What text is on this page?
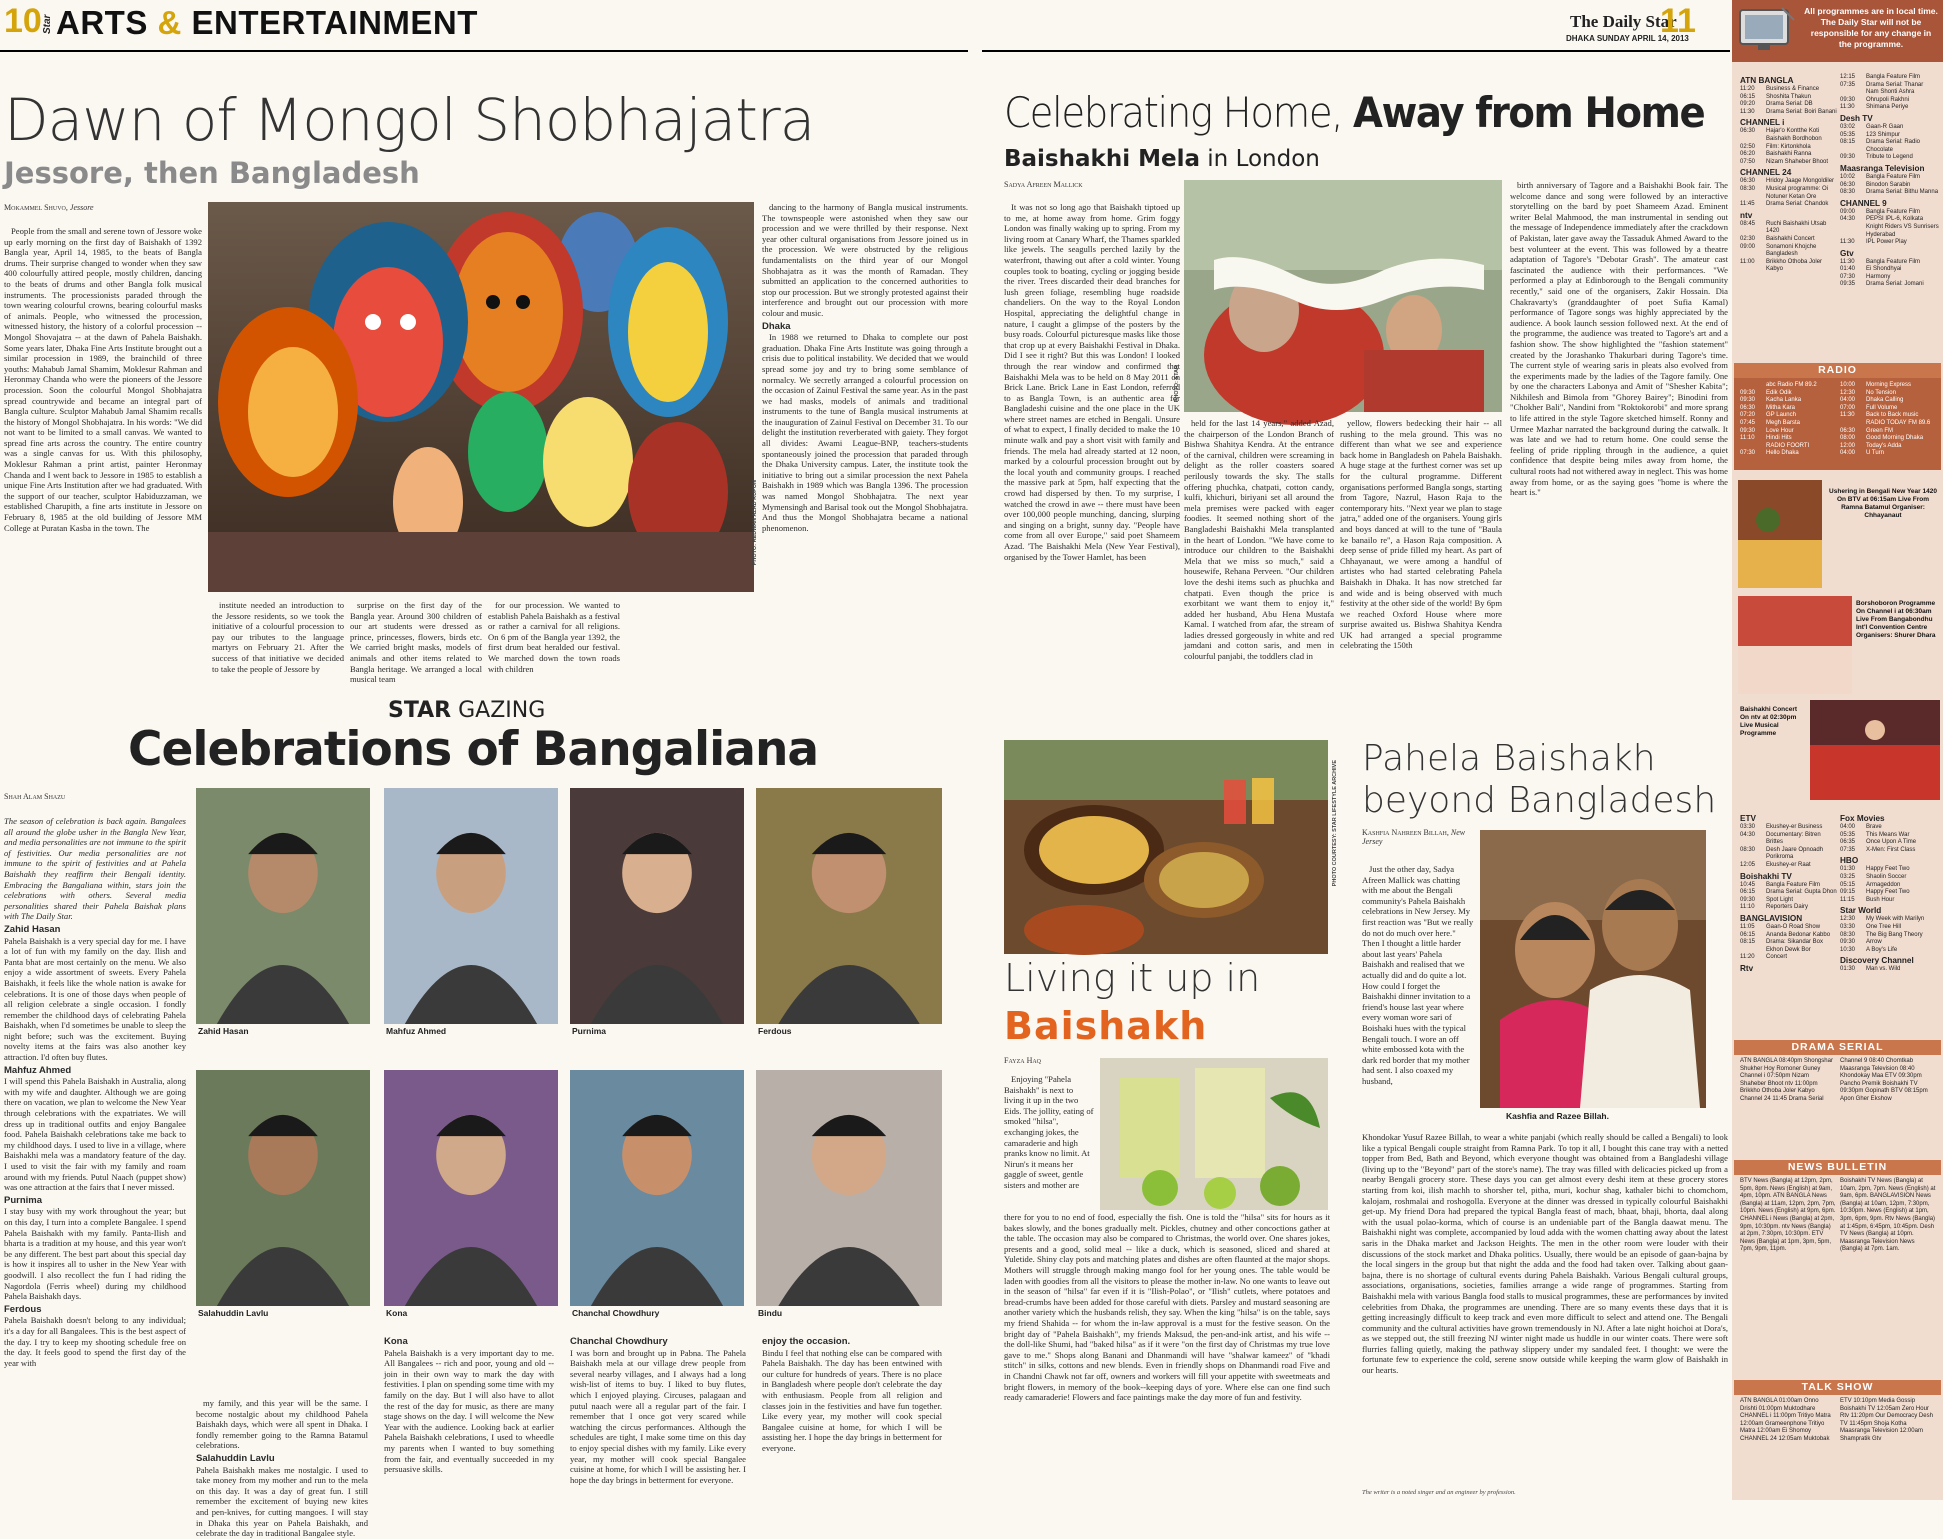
10 Star ARTS & ENTERTAINMENT	The Daily Star
DHAKA SUNDAY APRIL 14, 2013
11
Dawn of Mongol Shobhajatra
Jessore, then Bangladesh
Mokammel Shuvo, Jessore

People from the small and serene town of Jessore woke up early morning on the first day of Baishakh of 1392 Bangla year, April 14, 1985, to the beats of Bangla drums. Their surprise changed to wonder when they saw 400 colourfully attired people, mostly children, dancing to the beats of drums and other Bangla folk musical instruments. The processionists paraded through the town wearing colourful crowns, bearing colourful masks of animals. People, who witnessed the procession, witnessed history, the history of a colorful procession -- Mongol Shovajatra -- at the dawn of Pahela Baishakh. Some years later, Dhaka Fine Arts Institute brought out a similar procession in 1989, the brainchild of three youths: Mahabub Jamal Shamim, Moklesur Rahman and Heronmay Chanda who were the pioneers of the Jessore procession. Soon the colourful Mongol Shobhajatra spread countrywide and became an integral part of Bangla culture. Sculptor Mahabub Jamal Shamim recalls the history of Mongol Shobhajatra. In his words: "We did not want to be limited to a small canvas. We wanted to spread fine arts across the country. The entire country was a single canvas for us. With this philosophy, Moklesur Rahman a print artist, painter Heronmay Chanda and I went back to Jessore in 1985 to establish a unique Fine Arts Institution after we had graduated. With the support of our teacher, sculptor Habiduzzaman, we established Charupith, a fine arts institute in Jessore on February 8, 1985 at the old building of Jessore MM College at Puratan Kasba in the town. The	PHOTO: REDWAN AZAD RUPON

institute needed an introduction to the Jessore residents, so we took the initiative of a colourful procession to pay our tributes to the language martyrs on February 21. After the success of that initiative we decided to take the people of Jessore by

surprise on the first day of the Bangla year. Around 300 children of our art students were dressed as prince, princesses, flowers, birds etc. We carried bright masks, models of animals and other items related to Bangla heritage. We arranged a local musical team

for our procession. We wanted to establish Pahela Baishakh as a festival or rather a carnival for all religions. On 6 pm of the Bangla year 1392, the first drum beat heralded our festival. We marched down the town roads with children

dancing to the harmony of Bangla musical instruments. The townspeople were astonished when they saw our procession and we were thrilled by their response. Next year other cultural organisations from Jessore joined us in the procession. We were obstructed by the religious fundamentalists on the third year of our Mongol Shobhajatra as it was the month of Ramadan. They submitted an application to the concerned authorities to stop our procession. But we strongly protested against their interference and brought out our procession with more colour and music.

Dhaka

In 1988 we returned to Dhaka to complete our post graduation. Dhaka Fine Arts Institute was going through a crisis due to political instability. We decided that we would spread some joy and try to bring some semblance of normalcy. We secretly arranged a colourful procession on the occasion of Zainul Festival the same year. As in the past we had masks, models of animals and traditional instruments to the tune of Bangla musical instruments at the inauguration of Zainul Festival on December 31. To our delight the institution reverberated with gaiety. They forgot all divides: Awami League-BNP, teachers-students spontaneously joined the procession that paraded through the Dhaka University campus. Later, the institute took the initiative to bring out a similar procession the next Pahela Baishakh in 1989 which was Bangla 1396. The procession was named Mongol Shobhajatra. The next year Mymensingh and Barisal took out the Mongol Shobhajatra. And thus the Mongol Shobhajatra became a national phenomenon.

Celebrating Home, Away from Home
Baishakhi Mela in London
Sadya Afreen Mallick

It was not so long ago that Baishakh tiptoed up to me, at home away from home. Grim foggy London was finally waking up to spring. From my living room at Canary Wharf, the Thames sparkled like jewels. The seagulls perched lazily by the waterfront, thawing out after a cold winter. Young couples took to boating, cycling or jogging beside the river. Trees discarded their dead branches for lush green foliage, resembling huge roadside chandeliers. On the way to the Royal London Hospital, appreciating the delightful change in nature, I caught a glimpse of the posters by the busy roads. Colourful picturesque masks like those that crop up at every Baishakhi Festival in Dhaka. Did I see it right? But this was London! I looked through the rear window and confirmed that Baishakhi Mela was to be held on 8 May 2011 on Brick Lane. Brick Lane in East London, referred to as Bangla Town, is an authentic area for Bangladeshi cuisine and the one place in the UK where street names are etched in Bengali. Unsure of what to expect, I finally decided to make the 10 minute walk and pay a short visit with family and friends. The mela had already started at 12 noon, marked by a colourful procession brought out by the local youth and community groups. I reached the massive park at 5pm, half expecting that the crowd had dispersed by then. To my surprise, I watched the crowd in awe -- there must have been over 100,000 people munching, dancing, slurping and singing on a bright, sunny day. "People have come from all over Europe," said poet Shameem Azad. 'The Baishakhi Mela (New Year Festival), organised by the Tower Hamlet, has been

PHOTO: STAR

held for the last 14 years," added Azad, the chairperson of the London Branch of Bishwa Shahitya Kendra. At the entrance of the carnival, children were screaming in delight as the roller coasters soared perilously towards the sky. The stalls offering phuchka, chatpati, cotton candy, kulfi, khichuri, biriyani set all around the mela premises were packed with eager foodies. It seemed nothing short of the Bangladeshi Baishakhi Mela transplanted in the heart of London. "We have come to introduce our children to the Baishakhi Mela that we miss so much," said a housewife, Rehana Perveen. "Our children love the deshi items such as phuchka and chatpati. Even though the price is exorbitant we want them to enjoy it," added her husband, Abu Hena Mustafa Kamal. I watched from afar, the stream of ladies dressed gorgeously in white and red jamdani and cotton saris, and men in colourful panjabi, the toddlers clad in

yellow, flowers bedecking their hair -- all rushing to the mela ground. This was no different than what we see and experience back home in Bangladesh on Pahela Baishakh. A huge stage at the furthest corner was set up for the cultural programme. Different organisations performed Bangla songs, starting from Tagore, Nazrul, Hason Raja to the contemporary hits. "Next year we plan to stage jatra," added one of the organisers. Young girls and boys danced at will to the tune of "Baula ke banailo re", a Hason Raja composition. A deep sense of pride filled my heart. As part of Chhayanaut, we were among a handful of artistes who had started celebrating Pahela Baishakh in Dhaka. It has now stretched far and wide and is being observed with much festivity at the other side of the world! By 6pm we reached Oxford House where more surprise awaited us. Bishwa Shahitya Kendra UK had arranged a special programme celebrating the 150th

birth anniversary of Tagore and a Baishakhi Book fair. The welcome dance and song were followed by an interactive storytelling on the bard by poet Shameem Azad. Eminent writer Belal Mahmood, the man instrumental in sending out the message of Independence immediately after the crackdown of Pakistan, later gave away the Tassaduk Ahmed Award to the best volunteer at the event. This was followed by a theatre adaptation of Tagore's "Debotar Grash". The amateur cast fascinated the audience with their performances. "We performed a play at Edinborough to the Bengali community recently," said one of the organisers, Zakir Hossain. Dia Chakravarty's (granddaughter of poet Sufia Kamal) performance of Tagore songs was highly appreciated by the audience. A book launch session followed next. At the end of the programme, the audience was treated to Tagore's art and a fashion show. The show highlighted the "fashion statement" created by the Jorashanko Thakurbari during Tagore's time. The current style of wearing saris in pleats also evolved from the experiments made by the ladies of the Tagore family. One by one the characters Labonya and Amit of "Shesher Kabita"; Nikhilesh and Bimola from "Ghorey Bairey"; Binodini from "Chokher Bali", Nandini from "Roktokorobi" and more sprang to life attired in the style Tagore sketched himself. Ronny and Urmee Mazhar narrated the background during the catwalk. It was late and we had to return home. One could sense the feeling of pride rippling through in the audience, a quiet confidence that despite being miles away from home, the cultural roots had not withered away in neglect. This was home away from home, or as the saying goes "home is where the heart is."

STAR GAZING
Celebrations of Bangaliana
Shah Alam Shazu

The season of celebration is back again. Bangalees all around the globe usher in the Bangla New Year, and media personalities are not immune to the spirit of festivities. Our media personalities are not immune to the spirit of festivities and at Pahela Baishakh they reaffirm their Bengali identity. Embracing the Bangaliana within, stars join the celebrations with others. Several media personalities shared their Pahela Baishak plans with The Daily Star.

Zahid Hasan
Pahela Baishakh is a very special day for me. I have a lot of fun with my family on the day. Ilish and Panta bhat are most certainly on the menu. We also enjoy a wide assortment of sweets. Every Pahela Baishakh, it feels like the whole nation is awake for celebrations. It is one of those days when people of all religion celebrate a single occasion. I fondly remember the childhood days of celebrating Pahela Baishakh, when I'd sometimes be unable to sleep the night before; such was the excitement. Buying novelty items at the fairs was also another key attraction. I'd often buy flutes.
Mahfuz Ahmed
I will spend this Pahela Baishakh in Australia, along with my wife and daughter. Although we are going there on vacation, we plan to welcome the New Year through celebrations with the expatriates. We will dress up in traditional outfits and enjoy Bangalee food. Pahela Baishakh celebrations take me back to my childhood days. I used to live in a village, where Baishakhi mela was a mandatory feature of the day. I used to visit the fair with my family and roam around with my friends. Putul Naach (puppet show) was one attraction at the fairs that I never missed.
Purnima
I stay busy with my work throughout the year; but on this day, I turn into a complete Bangalee. I spend Pahela Baishakh with my family. Panta-Ilish and bharta is a tradition at my house, and this year won't be any different. The best part about this special day is how it inspires all to usher in the New Year with goodwill. I also recollect the fun I had riding the Nagordola (Ferris wheel) during my childhood Pahela Baishakh days.
Ferdous
Pahela Baishakh doesn't belong to any individual; it's a day for all Bangalees. This is the best aspect of the day. I try to keep my shooting schedule free on the day. It feels good to spend the first day of the year with

Zahid Hasan	Mahfuz Ahmed	Purnima	Ferdous
Salahuddin Lavlu	Kona	Chanchal Chowdhury	Bindu

my family, and this year will be the same. I become nostalgic about my childhood Pahela Baishakh days, which were all spent in Dhaka. I fondly remember going to the Ramna Batamul celebrations.
Salahuddin Lavlu
Pahela Baishakh makes me nostalgic. I used to take money from my mother and run to the mela on this day. It was a day of great fun. I still remember the excitement of buying new kites and pen-knives, for cutting mangoes. I will stay in Dhaka this year on Pahela Baishakh, and celebrate the day in traditional Bangalee style.

Kona
Pahela Baishakh is a very important day to me. All Bangalees -- rich and poor, young and old -- join in their own way to mark the day with festivities. I plan on spending some time with my family on the day. But I will also have to allot the rest of the day for music, as there are many stage shows on the day. I will welcome the New Year with the audience. Looking back at earlier Pahela Baishakh celebrations, I used to wheedle my parents when I wanted to buy something from the fair, and eventually succeeded in my persuasive skills.

Chanchal Chowdhury
I was born and brought up in Pabna. The Pahela Baishakh mela at our village drew people from several nearby villages, and I always had a long wish-list of items to buy. I liked to buy flutes, which I enjoyed playing. Circuses, palagaan and putul naach were all a regular part of the fair. I remember that I once got very scared while watching the circus performances. Although the schedules are tight, I make some time on this day to enjoy special dishes with my family. Like every year, my mother will cook special Bangalee cuisine at home, for which I will be assisting her. I hope the day brings in betterment for everyone.

enjoy the occasion.
Bindu I feel that nothing else can be compared with Pahela Baishakh. The day has been entwined with our culture for hundreds of years. There is no place in Bangladesh where people don't celebrate the day with enthusiasm. People from all religion and classes join in the festivities and have fun together. Like every year, my mother will cook special Bangalee cuisine at home, for which I will be assisting her. I hope the day brings in betterment for everyone.

PHOTO COURTESY: STAR LIFESTYLE ARCHIVE
Living it up in
Baishakh
Fayza Haq

Enjoying "Pahela Baishakh" is next to living it up in the two Eids. The jollity, eating of smoked "hilsa", exchanging jokes, the camaraderie and high pranks know no limit. At Nirun's it means her gaggle of sweet, gentle sisters and mother are

there for you to no end of food, especially the fish. One is told the "hilsa" sits for hours as it bakes slowly, and the bones gradually melt. Pickles, chutney and other concoctions gather at the table. The occasion may also be compared to Christmas, the world over. One shares jokes, presents and a good, solid meal -- like a duck, which is seasoned, sliced and shared at Yuletide. Shiny clay pots and matching plates and dishes are often flaunted at the major shops. Mothers will struggle through making mango fool for her young ones. The table would be laden with goodies from all the visitors to please the mother in-law. No one wants to leave out in the season of "hilsa" far even if it is "Ilish-Polao", or "Ilish" cutlets, where potatoes and bread-crumbs have been added for those careful with diets. Parsley and mustard seasoning are another variety which the husbands relish, they say. When the king "hilsa" is on the table, says my friend Shahida -- for whom the in-law approval is a must for the festive season. On the bright day of "Pahela Baishakh", my friends Maksud, the pen-and-ink artist, and his wife -- the doll-like Shumi, had "baked hilsa" as if it were "on the first day of Christmas my true love gave to me." Shops along Banani and Dhanmandi will have "shalwar kameez" of "khadi stitch" in silks, cottons and new blends. Even in friendly shops on Dhanmandi road Five and in Chandni Chawk not far off, owners and workers will fill your appetite with sweetmeats and bright flowers, in memory of the book--keeping days of yore. Where else can one find such ready camaraderie! Flowers and face paintings make the day more of fun and festivity.

Pahela Baishakh
beyond Bangladesh
Kashfia Nahreen Billah, New Jersey

Just the other day, Sadya Afreen Mallick was chatting with me about the Bengali community's Pahela Baishakh celebrations in New Jersey. My first reaction was "But we really do not do much over here." Then I thought a little harder about last years' Pahela Baishakh and realised that we actually did and do quite a lot. How could I forget the Baishakhi dinner invitation to a friend's house last year where every woman wore sari of Boishaki hues with the typical Bengali touch. I wore an off white embossed kota with the dark red border that my mother had sent. I also coaxed my husband,

Kashfia and Razee Billah.

Khondokar Yusuf Razee Billah, to wear a white panjabi (which really should be called a Bengali) to look like a typical Bengali couple straight from Ramna Park. To top it all, I bought this cane tray with a netted topper from Bed, Bath and Beyond, which everyone thought was obtained from a Bangladeshi village (living up to the "Beyond" part of the store's name). The tray was filled with delicacies picked up from a nearby Bengali grocery store. These days you can get almost every deshi item at these grocery stores starting from koi, ilish machh to shorsher tel, pitha, muri, kochur shag, kathaler bichi to chomchom, kalojam, roshmalai and roshogolla. Everyone at the dinner was dressed in typically colourful Baishakhi get-up. My friend Dora had prepared the typical Bangla feast of mach, bhaat, bhaji, bhorta, daal along with the usual polao-korma, which of course is an undeniable part of the Bangla daawat menu. The Baishakhi night was complete, accompanied by loud adda with the women chatting away about the latest saris in the Dhaka market and Jackson Heights. The men in the other room were louder with their discussions of the stock market and Dhaka politics. Usually, there would be an episode of gaan-bajna by the local singers in the group but that night the adda and the food had taken over. Talking about gaan-bajna, there is no shortage of cultural events during Pahela Baishakh. Various Bengali cultural groups, associations, organisations, societies, families arrange a wide range of programmes. Starting from Baishakhi mela with various Bangla food stalls to musical programmes, these are performances by invited celebrities from Dhaka, the programmes are unending. There are so many events these days that it is getting increasingly difficult to keep track and even more difficult to select and attend one. The Bengali community and the cultural activities have grown tremendously in NJ. After a late night hoichoi at Dora's, as we stepped out, the still freezing NJ winter night made us huddle in our winter coats. There were soft flurries falling quietly, making the pathway slippery under my sandaled feet. I thought: we were the fortunate few to experience the cold, serene snow outside while keeping the warm glow of Baishakh in our hearts.

The writer is a noted singer and an engineer by profession.
All programmes are in local time. The Daily Star will not be responsible for any change in the programme.
ATN BANGLA
11:20	Business & Finance
06:15	Shoshita Thakun
09:20	Drama Serial: DB
11:30	Drama Serial: Boiri Banani
CHANNEL i
06:30	Hajar'o Kontthe Koti Baishakh Bordhobon
02:50	Film: Kirtonkhola
06:20	Baishakhi Ranna
07:50	Nizam Shaheber Bhoot
CHANNEL 24
06:30	Hridoy Jaage Mongoldiler
08:30	Musical programme: Oi Notuner Ketan Ore
11:45	Drama Serial: Chandok
ntv
08:45	Ruchi Baishakhi Utsab 1420
02:30	Baishakhi Concert
09:00	Sonamoni Khojche Bangladesh
11:00	Brikkho Othoba Joler Kabyo
12:15	Bangla Feature Film
07:35	Drama Serial: Thanar
Nam Shonti Ashra
09:30	Ohrupoli Rakhni
11:30	Shimana Periye
Desh TV
03:02	Gaan-R Gaan
05:35	123 Shimpur
08:15	Drama Serial: Radio Chocolate
09:30	Tribute to Legend
Maasranga Television
10:02	Bangla Feature Film
06:30	Binodon Sarabin
08:30	Drama Serial: Bithu Manna
CHANNEL 9
09:00	Bangla Feature Film
04:30	PEPSI IPL-6, Kolkata Knight Riders VS Sunrisers Hyderabad
11:30	IPL Power Play
Gtv
11:30	Bangla Feature Film
01:40	Ei Shondhyai
07:30	Harmony
09:35	Drama Serial: Jomani
RADIO
abc Radio FM 89.2
09:30	Edik Odik
09:30	Kacha Lanka
06:30	Mitha Kara
07:20	GP Launch
07:45	Megh Barsta
09:30	Love Hour
11:10	Hindi Hits
RADIO FOORTI
07:30	Hello Dhaka
10:00	Morning Express
12:30	No Tension
04:00	Dhaka Calling
07:00	Full Volume
11:30	Back to Back music
RADIO TODAY FM 89.6
06:30	Green FM
08:00	Good Morning Dhaka
12:00	Today's Adda
04:00	U Turn
Ushering in Bengali New Year 1420 On BTV at 06:15am Live From Ramna Batamul Organiser: Chhayanaut
Borshoboron Programme On Channel i at 06:30am Live From Bangabondhu Int'l Convention Centre Organisers: Shurer Dhara
Baishakhi Concert On ntv at 02:30pm Live Musical Programme
ETV
03:30	Ekushey-er Business
04:30	Documentary: Bitren Brittes
08:30	Desh Jaare Opnoadh Porikroma
12:05	Ekushey-er Raat
Boishakhi TV
10:45	Bangla Feature Film
06:15	Drama Serial: Gupta Dhon
09:30	Spot Light
11:10	Reporters Dairy
BANGLAVISION
11:05	Gaan-O Road Show
06:15	Ananda Bedonar Kabbo
08:15	Drama: Sikandar Box Ekhon Dewk Bor
11:20	Concert
Rtv
Fox Movies
04:00	Brave
05:35	This Means War
06:35	Once Upon A Time
07:35	X-Men: First Class
HBO
01:30	Happy Feet Two
03:25	Shaolin Soccer
05:15	Armageddon
09:15	Happy Feet Two
11:15	Bush Hour
Star World
12:30	My Week with Marilyn
03:30	One Tree Hill
08:30	The Big Bang Theory
09:30	Arrow
10:30	A Boy's Life
Discovery Channel
01:30	Man vs. Wild
DRAMA SERIAL
ATN BANGLA 08:40pm Shongshar Shukher Hoy Romoner Guney Channel i 07:50pm Nizam Shaheber Bhoot ntv 11:00pm Brikkho Othoba Joler Kabyo Channel 24 11:45 Drama Serial
Channel 9 08:40 Chomtkab Maasranga Television 08:40 Khondokay Maa ETV 09:30pm Pancho Premik Boishakhi TV 09:30pm Gopinath BTV 08:15pm Apon Gher Ekshow
NEWS BULLETIN
BTV News (Bangla) at 12pm, 2pm, 5pm, 8pm. News (English) at 9am, 4pm, 10pm. ATN BANGLA News (Bangla) at 11am, 12pm, 2pm, 7pm, 10pm. News (English) at 9pm, 6pm. CHANNEL i News (Bangla) at 2pm, 9pm, 10:30pm. ntv News (Bangla) at 2pm, 7:30pm, 10:30pm. ETV News (Bangla) at 1pm, 3pm, 5pm, 7pm, 9pm, 11pm.
Boishakhi TV News (Bangla) at 10am, 2pm, 7pm. News (English) at 9am, 6pm. BANGLAVISION News (Bangla) at 10am, 12pm, 7:30pm, 10:30pm. News (English) at 1pm, 3pm, 6pm, 9pm. Rtv News (Bangla) at 1:45pm, 6:45pm, 10:45pm. Desh TV News (Bangla) at 10pm. Maasranga Television News (Bangla) at 7pm. 1am.
TALK SHOW
ATN BANGLA 01:00am Onno Drishti 01:00pm Muktodhare CHANNEL i 11:00pm Tritiyo Matra 12:00am Grameenphone Tritiyo Matra 12:00am Ei Shomoy CHANNEL 24 12:05am Muktobak
ETV 10:10pm Media Gossip Boishakhi TV 12:05am Zero Hour Rtv 11:20pm Our Democracy Desh TV 11:45pm Shoja Kotha Maasranga Television 12:00am Shampratik Gtv
